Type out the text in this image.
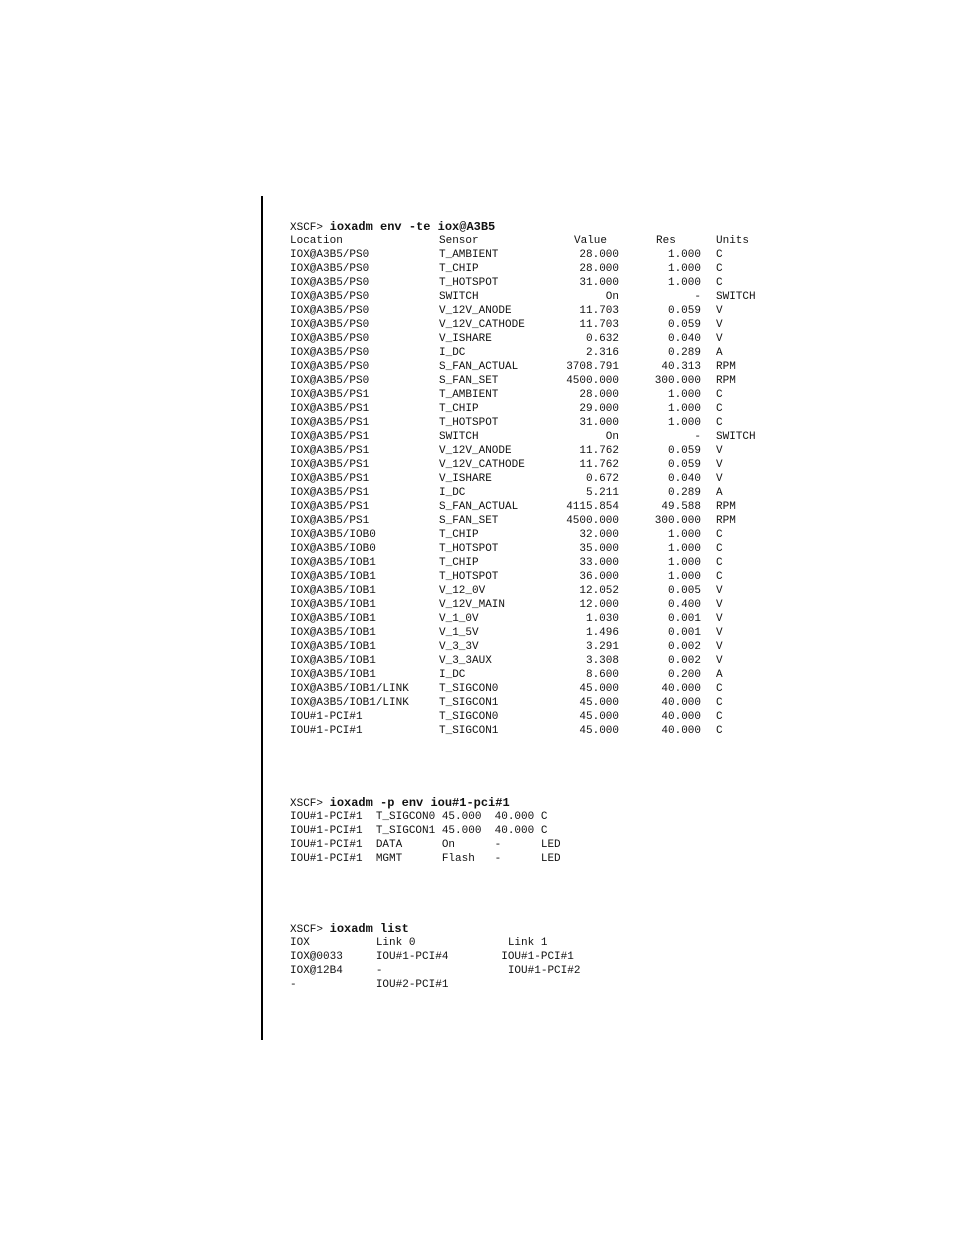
XSCF> ioxadm env -te iox@A3B5
Location	Sensor	Value	Res	Units
IOX@A3B5/PS0	T_AMBIENT	28.000	1.000 C
IOX@A3B5/PS0	T_CHIP	28.000	1.000 C
IOX@A3B5/PS0	T_HOTSPOT	31.000	1.000 C
IOX@A3B5/PS0	SWITCH	On	- SWITCH
IOX@A3B5/PS0	V_12V_ANODE	11.703	0.059 V
IOX@A3B5/PS0	V_12V_CATHODE	11.703	0.059 V
IOX@A3B5/PS0	V_ISHARE	0.632	0.040 V
IOX@A3B5/PS0	I_DC	2.316	0.289 A
IOX@A3B5/PS0	S_FAN_ACTUAL	3708.791	40.313 RPM
IOX@A3B5/PS0	S_FAN_SET	4500.000	300.000 RPM
IOX@A3B5/PS1	T_AMBIENT	28.000	1.000 C
IOX@A3B5/PS1	T_CHIP	29.000	1.000 C
IOX@A3B5/PS1	T_HOTSPOT	31.000	1.000 C
IOX@A3B5/PS1	SWITCH	On	- SWITCH
IOX@A3B5/PS1	V_12V_ANODE	11.762	0.059 V
IOX@A3B5/PS1	V_12V_CATHODE	11.762	0.059 V
IOX@A3B5/PS1	V_ISHARE	0.672	0.040 V
IOX@A3B5/PS1	I_DC	5.211	0.289 A
IOX@A3B5/PS1	S_FAN_ACTUAL	4115.854	49.588 RPM
IOX@A3B5/PS1	S_FAN_SET	4500.000	300.000 RPM
IOX@A3B5/IOB0	T_CHIP	32.000	1.000 C
IOX@A3B5/IOB0	T_HOTSPOT	35.000	1.000 C
IOX@A3B5/IOB1	T_CHIP	33.000	1.000 C
IOX@A3B5/IOB1	T_HOTSPOT	36.000	1.000 C
IOX@A3B5/IOB1	V_12_0V	12.052	0.005 V
IOX@A3B5/IOB1	V_12V_MAIN	12.000	0.400 V
IOX@A3B5/IOB1	V_1_0V	1.030	0.001 V
IOX@A3B5/IOB1	V_1_5V	1.496	0.001 V
IOX@A3B5/IOB1	V_3_3V	3.291	0.002 V
IOX@A3B5/IOB1	V_3_3AUX	3.308	0.002 V
IOX@A3B5/IOB1	I_DC	8.600	0.200 A
IOX@A3B5/IOB1/LINK	T_SIGCON0	45.000	40.000 C
IOX@A3B5/IOB1/LINK	T_SIGCON1	45.000	40.000 C
IOU#1-PCI#1	T_SIGCON0	45.000	40.000 C
IOU#1-PCI#1	T_SIGCON1	45.000	40.000 C
XSCF> ioxadm -p env iou#1-pci#1
IOU#1-PCI#1  T_SIGCON0 45.000  40.000 C
IOU#1-PCI#1  T_SIGCON1 45.000  40.000 C
IOU#1-PCI#1  DATA      On      -      LED
IOU#1-PCI#1  MGMT      Flash   -      LED
XSCF> ioxadm list
IOX          Link 0              Link 1
IOX@0033     IOU#1-PCI#4        IOU#1-PCI#1
IOX@12B4     -                   IOU#1-PCI#2
-            IOU#2-PCI#1
